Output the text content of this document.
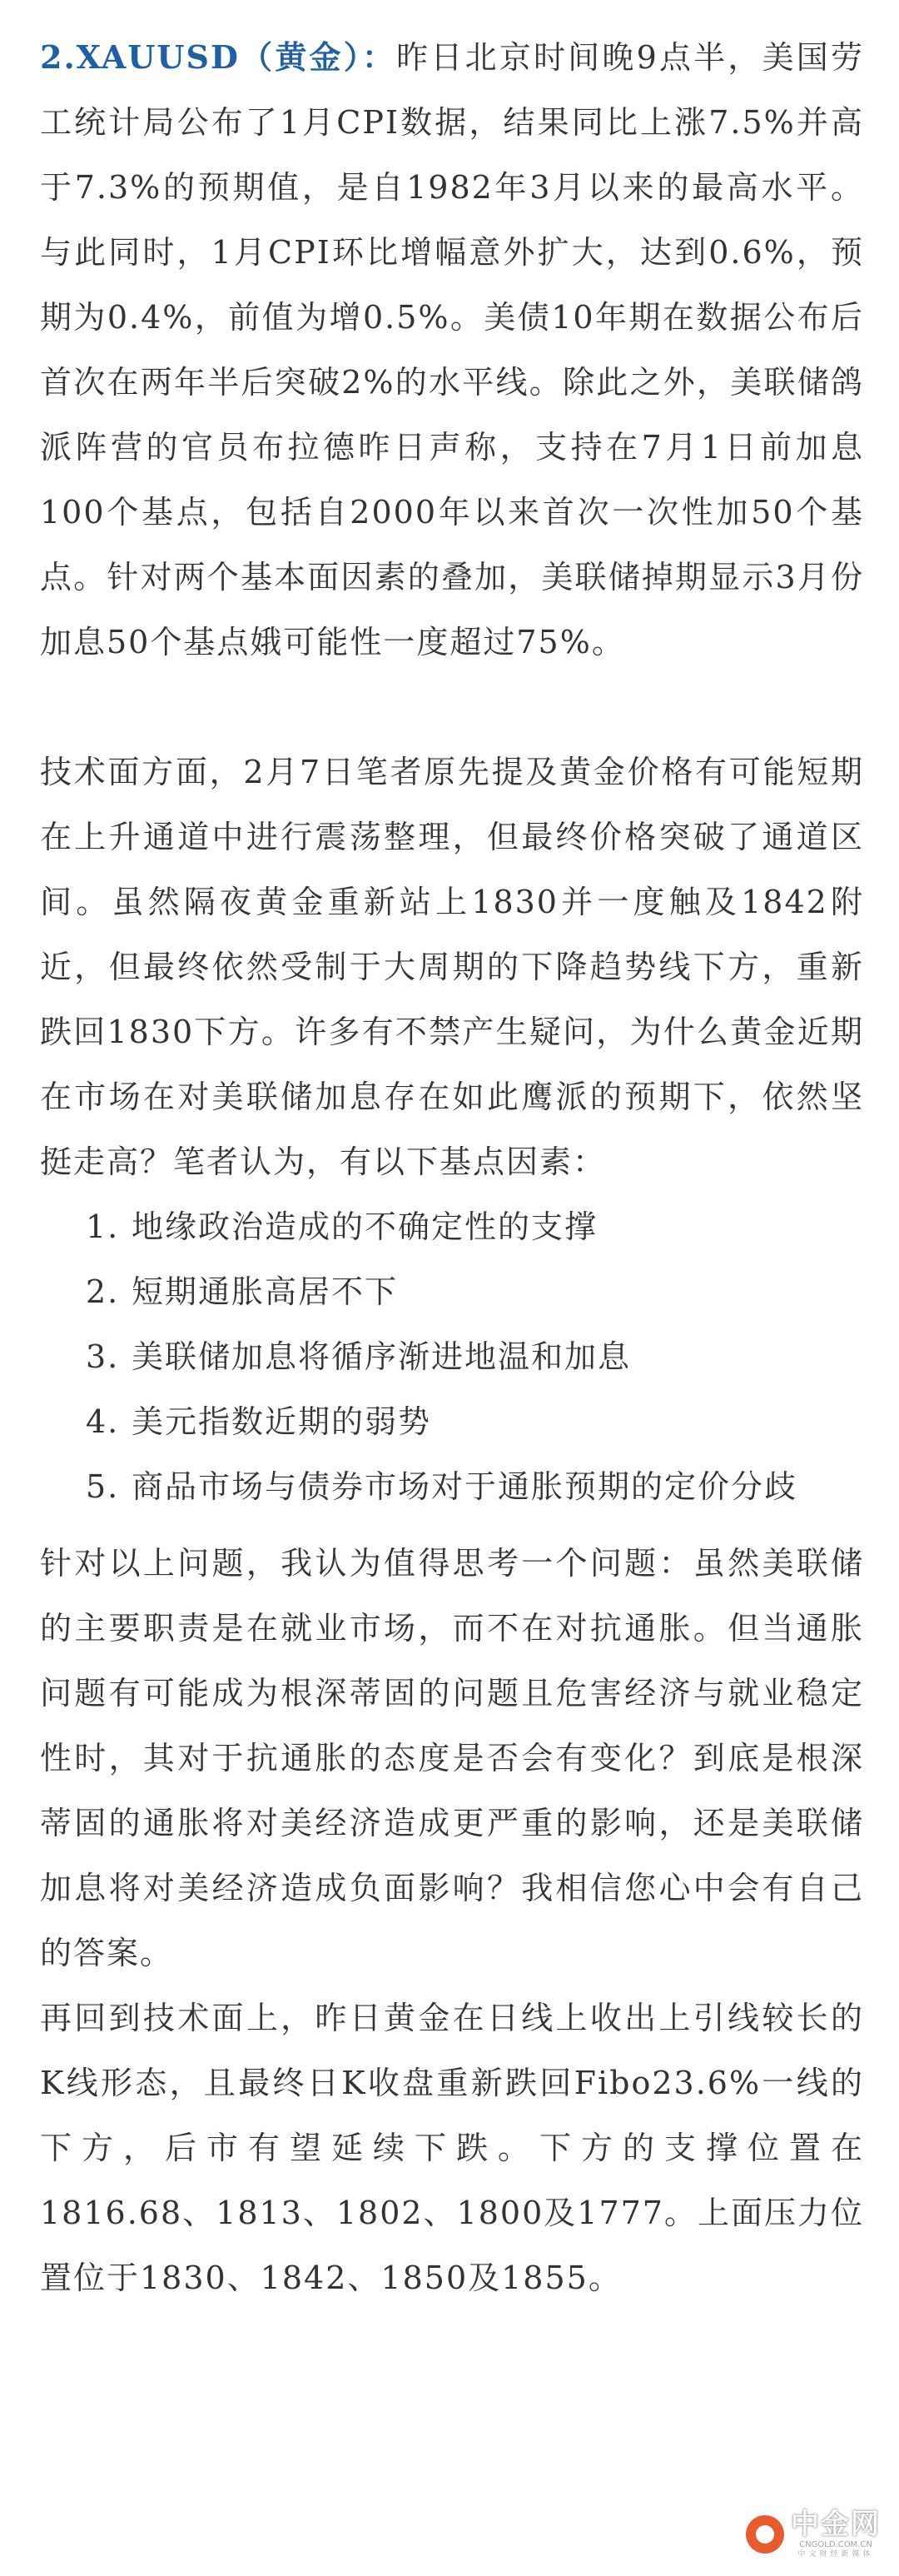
2.XAUUSD（黄金）：昨日北京时间晚9点半，美国劳工统计局公布了1月CPI数据，结果同比上涨7.5%并高于7.3%的预期值，是自1982年3月以来的最高水平。与此同时，1月CPI环比增幅意外扩大，达到0.6%，预期为0.4%，前值为增0.5%。美债10年期在数据公布后首次在两年半后突破2%的水平线。除此之外，美联储鸽派阵营的官员布拉德昨日声称，支持在7月1日前加息100个基点，包括自2000年以来首次一次性加50个基点。针对两个基本面因素的叠加，美联储掉期显示3月份加息50个基点娥可能性一度超过75%。

技术面方面，2月7日笔者原先提及黄金价格有可能短期在上升通道中进行震荡整理，但最终价格突破了通道区间。虽然隔夜黄金重新站上1830并一度触及1842附近，但最终依然受制于大周期的下降趋势线下方，重新跌回1830下方。许多有不禁产生疑问，为什么黄金近期在市场在对美联储加息存在如此鹰派的预期下，依然坚挺走高？笔者认为，有以下基点因素：

1. 地缘政治造成的不确定性的支撑
2. 短期通胀高居不下
3. 美联储加息将循序渐进地温和加息
4. 美元指数近期的弱势
5. 商品市场与债券市场对于通胀预期的定价分歧

针对以上问题，我认为值得思考一个问题：虽然美联储的主要职责是在就业市场，而不在对抗通胀。但当通胀问题有可能成为根深蒂固的问题且危害经济与就业稳定性时，其对于抗通胀的态度是否会有变化？到底是根深蒂固的通胀将对美经济造成更严重的影响，还是美联储加息将对美经济造成负面影响？我相信您心中会有自己的答案。

再回到技术面上，昨日黄金在日线上收出上引线较长的K线形态，且最终日K收盘重新跌回Fibo23.6%一线的下方，后市有望延续下跌。下方的支撑位置在1816.68、1813、1802、1800及1777。上面压力位置位于1830、1842、1850及1855。

中金网
CNGOLD.COM.CN
中文财经新媒体
